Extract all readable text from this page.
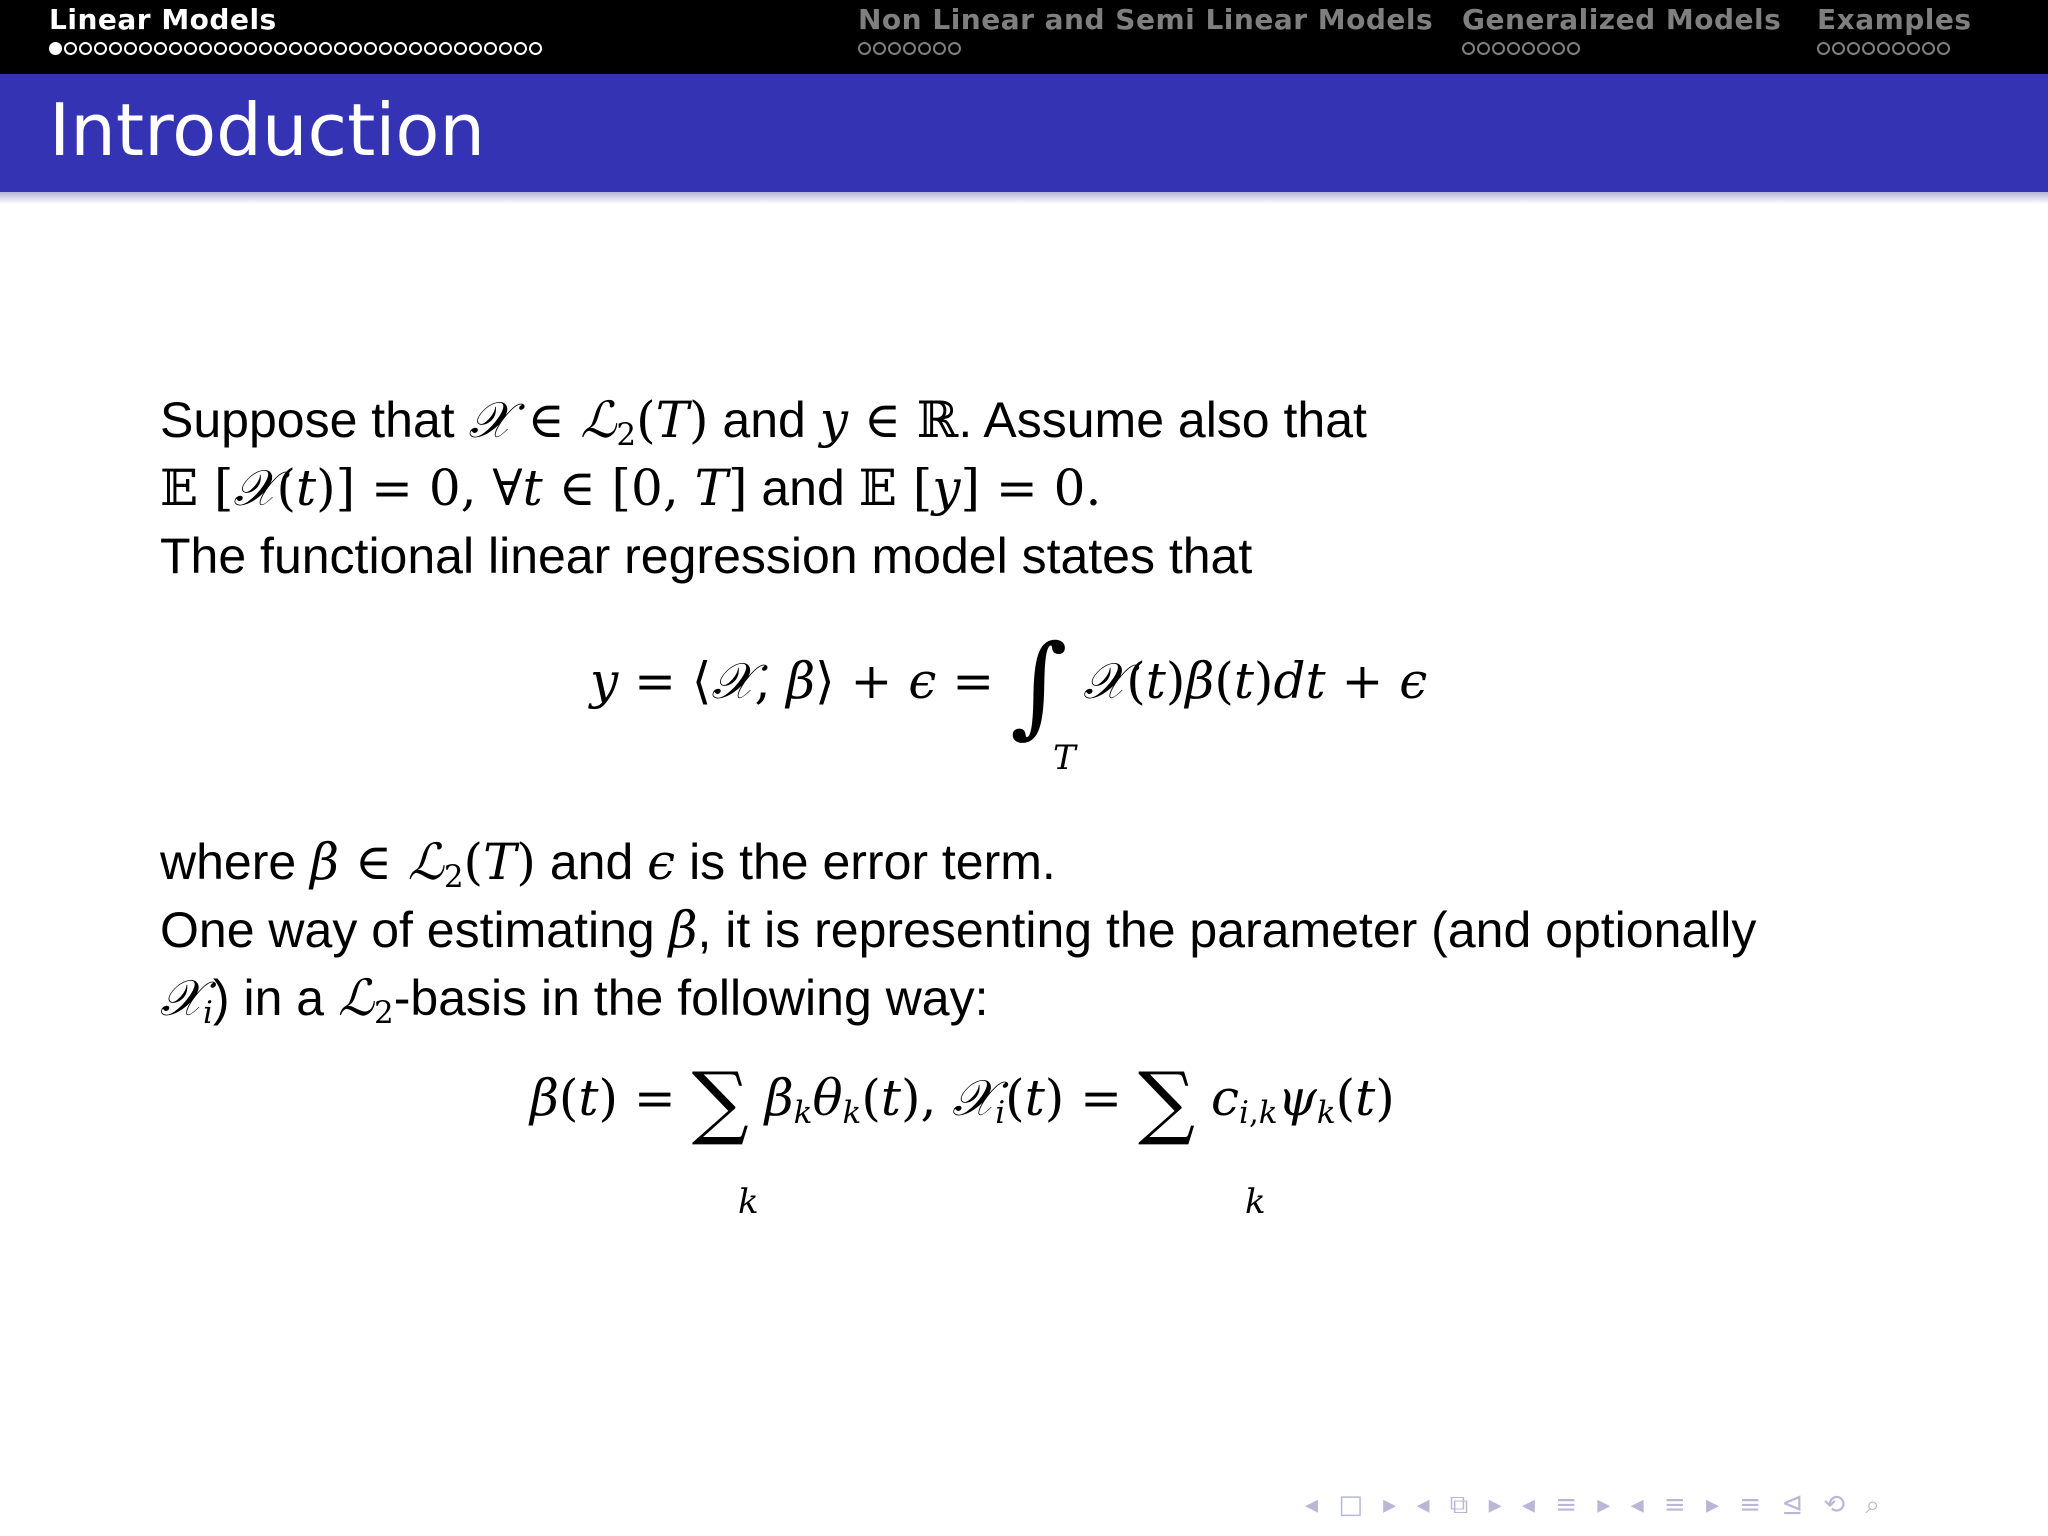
Linear Models	Non Linear and Semi Linear Models Generalized Models Examples
Introduction
Suppose that 𝒳 ∈ ℒ$_2$(T) and y ∈ ℝ. Assume also that
𝔼 [𝒳(t)] = 0, ∀t ∈ [0, T] and 𝔼 [y] = 0.
The functional linear regression model states that
y = ⟨𝒳, β⟩ + ϵ = ∫ 𝒳(t)β(t)dt + ϵ
T
where β ∈ ℒ$_2$(T) and ϵ is the error term.
One way of estimating β, it is representing the parameter (and optionally
𝒳$_i$) in a ℒ$_2$-basis in the following way:
β(t) = ∑ $\beta_k\theta_k(t)$, 𝒳$_i$(t) = ∑ $c_{i,k}\psi_k(t)$
k	k
◂ □ ▸ ◂ ⧉ ▸ ◂ ≡ ▸ ◂ ≡ ▸ ≡ ⊴ ⟲ ⌕
